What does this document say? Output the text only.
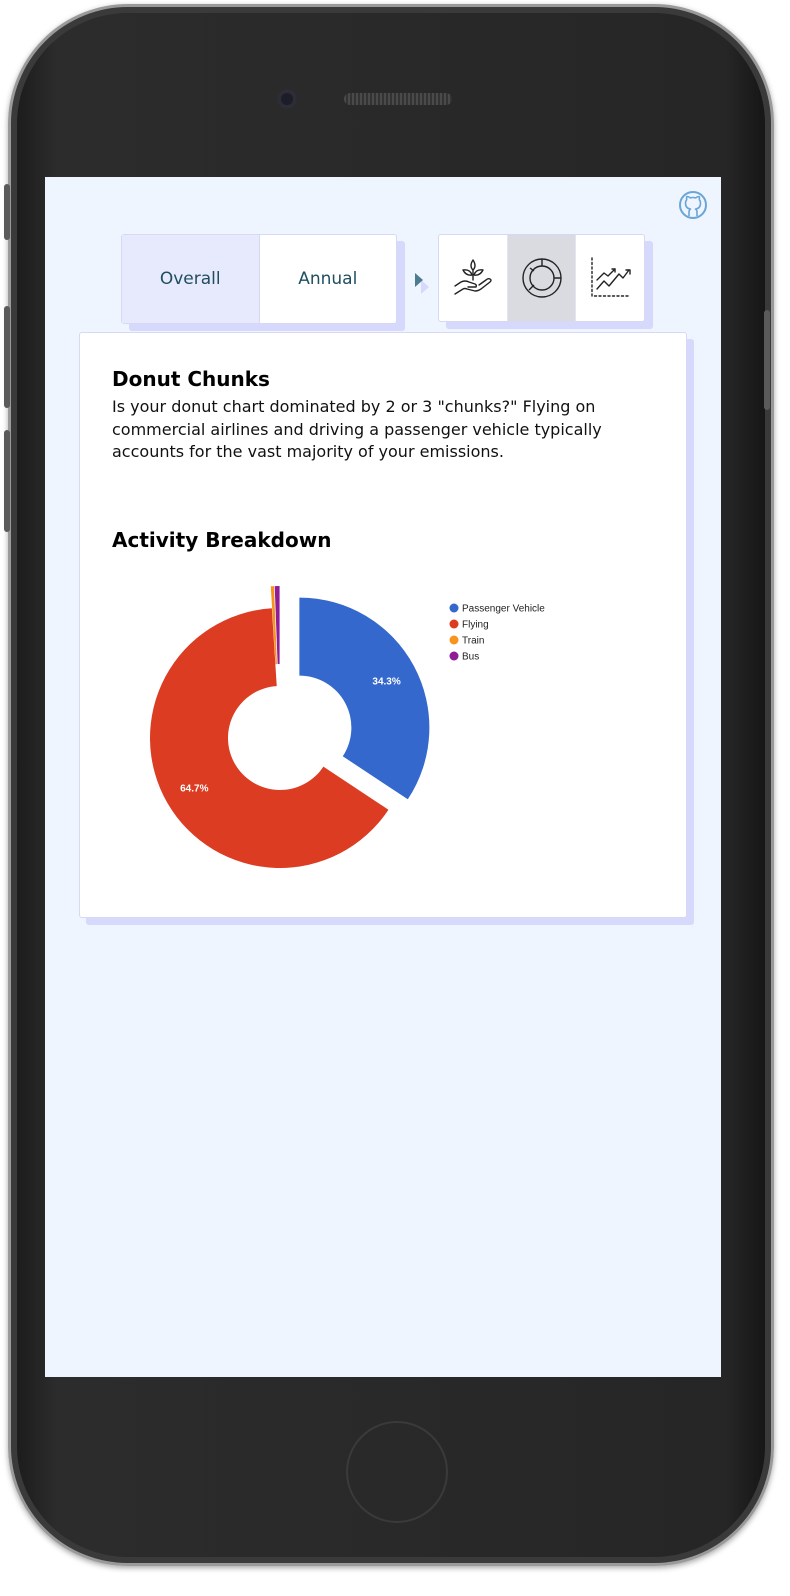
Overall	Annual
Donut Chunks

Is your donut chart dominated by 2 or 3 "chunks?" Flying on commercial airlines and driving a passenger vehicle typically accounts for the vast majority of your emissions.

Activity Breakdown
34.3%
64.7%
Passenger Vehicle
Flying
Train
Bus
